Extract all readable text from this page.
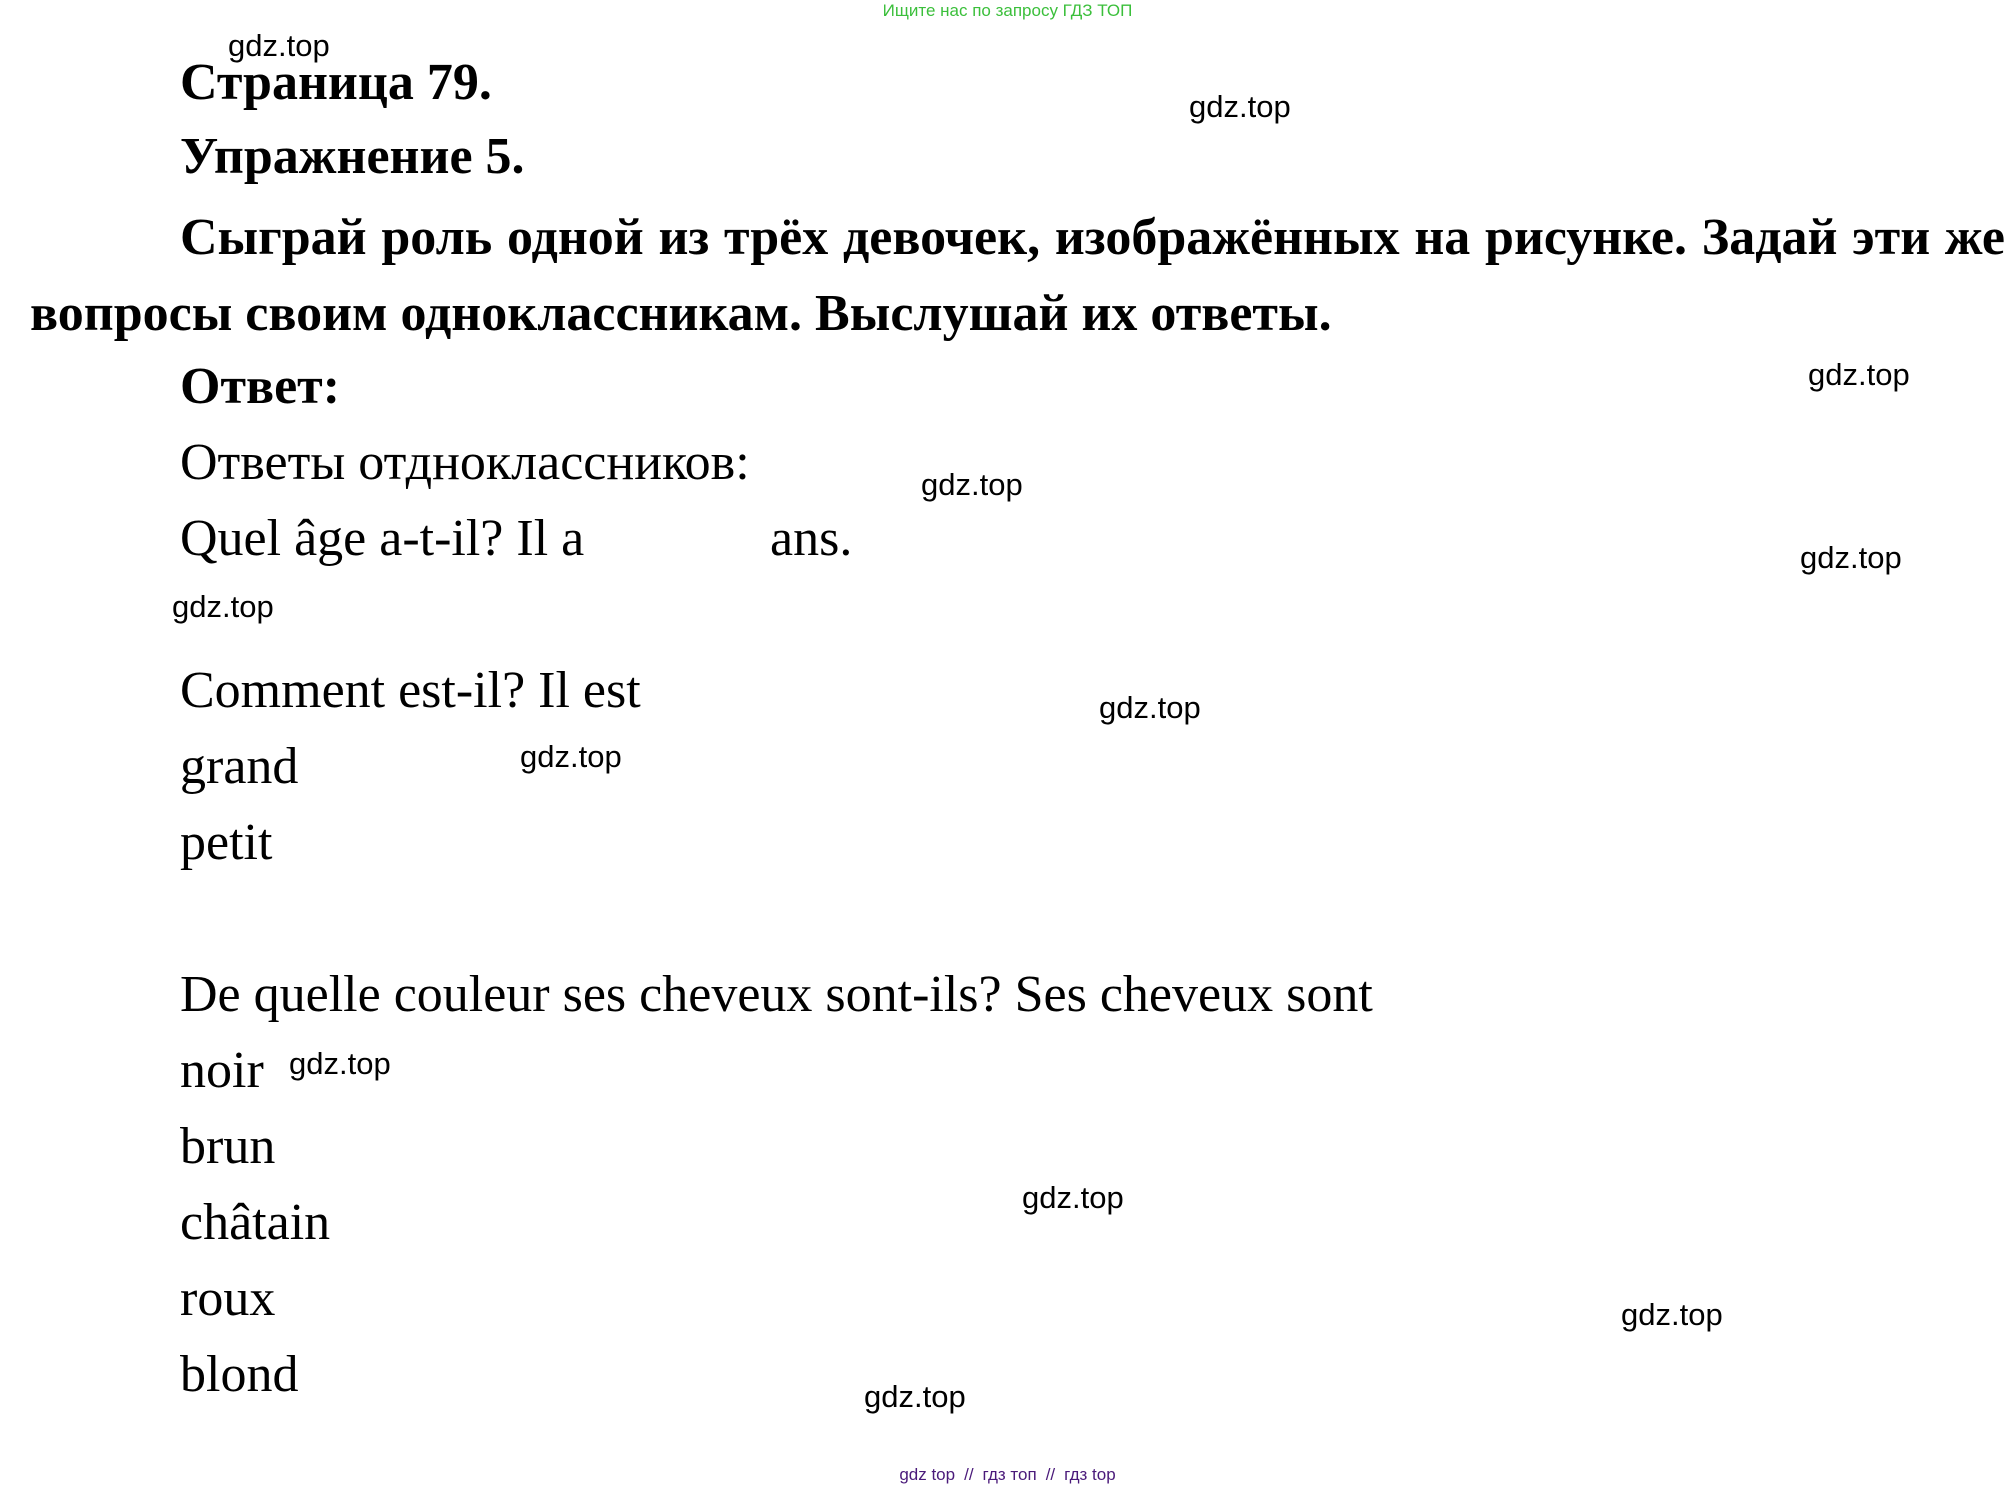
Ищите нас по запросу ГДЗ ТОП
Страница 79.
Упражнение 5.
Сыграй роль одной из трёх девочек, изображённых на рисунке. Задай эти же вопросы своим одноклассникам. Выслушай их ответы.
Ответ:
Ответы отдноклассников:
Quel âge a-t-il? Il a	ans.
Comment est-il? Il est
grand
petit
De quelle couleur ses cheveux sont-ils? Ses cheveux sont
noir
brun
châtain
roux
blond
gdz.top
gdz.top
gdz.top
gdz.top
gdz.top
gdz.top
gdz.top
gdz.top
gdz.top
gdz.top
gdz.top
gdz.top
gdz top // гдз топ // гдз top
